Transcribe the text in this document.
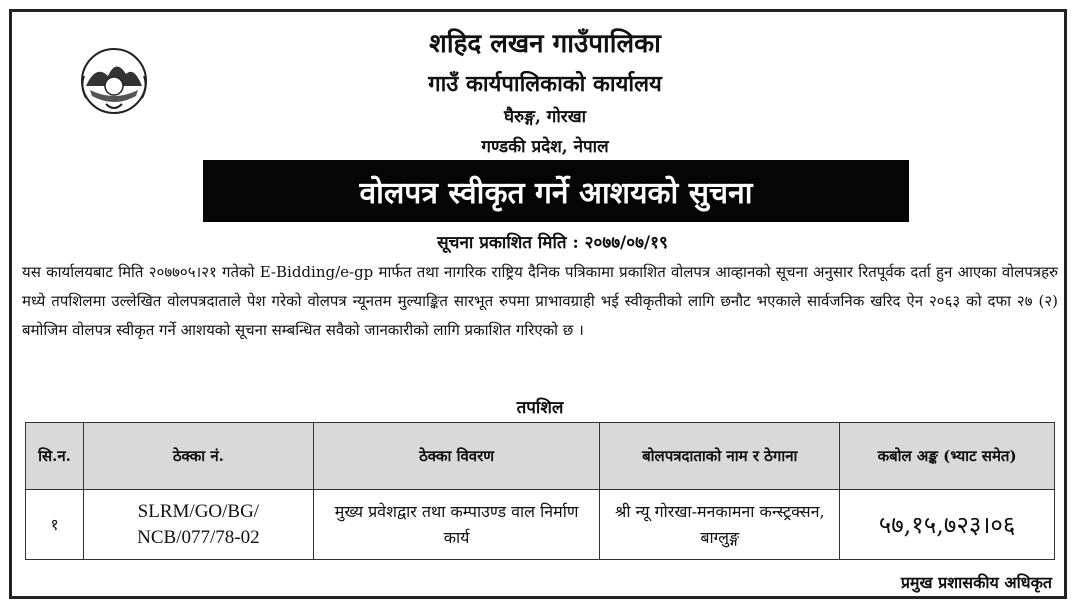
शहिद लखन गाउँपालिका
गाउँ कार्यपालिकाको कार्यालय
घैरुङ्ग, गोरखा
गण्डकी प्रदेश, नेपाल
वोलपत्र स्वीकृत गर्ने आशयको सुचना
सूचना प्रकाशित मिति : २०७७/०७/१९

यस कार्यालयबाट मिति २०७७०५।२१ गतेको E-Bidding/e-gp मार्फत तथा नागरिक राष्ट्रिय दैनिक पत्रिकामा प्रकाशित वोलपत्र आव्हानको सूचना अनुसार रितपूर्वक दर्ता हुन आएका वोलपत्रहरु मध्ये तपशिलमा उल्लेखित वोलपत्रदाताले पेश गरेको वोलपत्र न्यूनतम मुल्याङ्कित सारभूत रुपमा प्राभावग्राही भई स्वीकृतीको लागि छनौट भएकाले सार्वजनिक खरिद ऐन २०६३ को दफा २७ (२) बमोजिम वोलपत्र स्वीकृत गर्ने आशयको सूचना सम्बन्धित सवैको जानकारीको लागि प्रकाशित गरिएको छ ।

तपशिल
सि.न.	ठेक्का नं.	ठेक्का विवरण	बोलपत्रदाताको नाम र ठेगाना	कबोल अङ्क (भ्याट समेत)
१	SLRM/GO/BG/ NCB/077/78-02	मुख्य प्रवेशद्वार तथा कम्पाउण्ड वाल निर्माण कार्य	श्री न्यू गोरखा-मनकामना कन्स्ट्रक्सन, बाग्लुङ्ग	५७,१५,७२३।०६
प्रमुख प्रशासकीय अधिकृत
